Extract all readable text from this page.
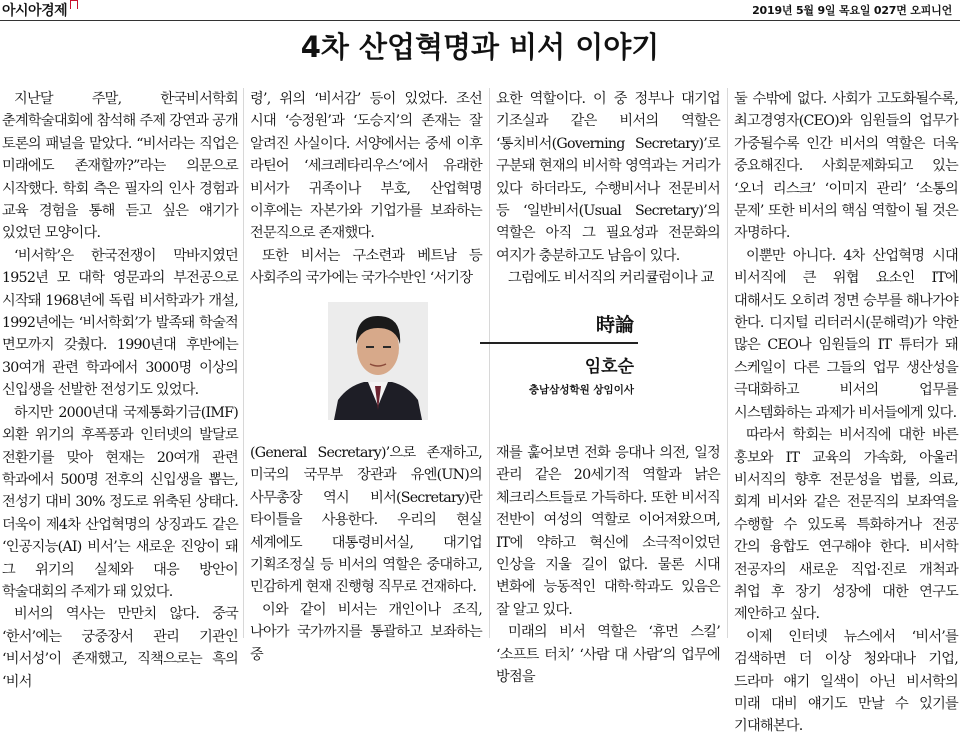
아시아경제	2019년 5월 9일 목요일 027면 오피니언
4차 산업혁명과 비서 이야기

지난달 주말, 한국비서학회 춘계학술대회에 참석해 주제 강연과 공개 토론의 패널을 맡았다. “비서라는 직업은 미래에도 존재할까?”라는 의문으로 시작했다. 학회 측은 필자의 인사 경험과 교육 경험을 통해 듣고 싶은 얘기가 있었던 모양이다.

‘비서학’은 한국전쟁이 막바지였던 1952년 모 대학 영문과의 부전공으로 시작돼 1968년에 독립 비서학과가 개설, 1992년에는 ‘비서학회’가 발족돼 학술적 면모까지 갖췄다. 1990년대 후반에는 30여개 관련 학과에서 3000명 이상의 신입생을 선발한 전성기도 있었다.

하지만 2000년대 국제통화기금(IMF) 외환 위기의 후폭풍과 인터넷의 발달로 전환기를 맞아 현재는 20여개 관련 학과에서 500명 전후의 신입생을 뽑는, 전성기 대비 30% 정도로 위축된 상태다. 더욱이 제4차 산업혁명의 상징과도 같은 ‘인공지능(AI) 비서’는 새로운 진앙이 돼 그 위기의 실체와 대응 방안이 학술대회의 주제가 돼 있었다.

비서의 역사는 만만치 않다. 중국 ‘한서’에는 궁중장서 관리 기관인 ‘비서성’이 존재했고, 직책으로는 흑의 ‘비서

령’, 위의 ‘비서감’ 등이 있었다. 조선 시대 ‘승정원’과 ‘도승지’의 존재는 잘 알려진 사실이다. 서양에서는 중세 이후 라틴어 ‘세크레타리우스’에서 유래한 비서가 귀족이나 부호, 산업혁명 이후에는 자본가와 기업가를 보좌하는 전문직으로 존재했다.

또한 비서는 구소련과 베트남 등 사회주의 국가에는 국가수반인 ‘서기장

요한 역할이다. 이 중 정부나 대기업 기조실과 같은 비서의 역할은 ‘통치비서(Governing Secretary)’로 구분돼 현재의 비서학 영역과는 거리가 있다 하더라도, 수행비서나 전문비서 등 ‘일반비서(Usual Secretary)’의 역할은 아직 그 필요성과 전문화의 여지가 충분하고도 남음이 있다.

그럼에도 비서직의 커리큘럼이나 교

時論
임호순
충남삼성학원 상임이사

(General Secretary)’으로 존재하고, 미국의 국무부 장관과 유엔(UN)의 사무총장 역시 비서(Secretary)란 타이틀을 사용한다. 우리의 현실 세계에도 대통령비서실, 대기업 기획조정실 등 비서의 역할은 중대하고, 민감하게 현재 진행형 직무로 건재하다.

이와 같이 비서는 개인이나 조직, 나아가 국가까지를 통괄하고 보좌하는 중

재를 훑어보면 전화 응대나 의전, 일정 관리 같은 20세기적 역할과 낡은 체크리스트들로 가득하다. 또한 비서직 전반이 여성의 역할로 이어져왔으며, IT에 약하고 혁신에 소극적이었던 인상을 지울 길이 없다. 물론 시대 변화에 능동적인 대학·학과도 있음은 잘 알고 있다.

미래의 비서 역할은 ‘휴먼 스킬’ ‘소프트 터치’ ‘사람 대 사람’의 업무에 방점을

둘 수밖에 없다. 사회가 고도화될수록, 최고경영자(CEO)와 임원들의 업무가 가중될수록 인간 비서의 역할은 더욱 중요해진다. 사회문제화되고 있는 ‘오너 리스크’ ‘이미지 관리’ ‘소통의 문제’ 또한 비서의 핵심 역할이 될 것은 자명하다.

이뿐만 아니다. 4차 산업혁명 시대 비서직에 큰 위협 요소인 IT에 대해서도 오히려 정면 승부를 해나가야 한다. 디지털 리터러시(문해력)가 약한 많은 CEO나 임원들의 IT 튜터가 돼 스케일이 다른 그들의 업무 생산성을 극대화하고 비서의 업무를 시스템화하는 과제가 비서들에게 있다.

따라서 학회는 비서직에 대한 바른 홍보와 IT 교육의 가속화, 아울러 비서직의 향후 전문성을 법률, 의료, 회계 비서와 같은 전문직의 보좌역을 수행할 수 있도록 특화하거나 전공 간의 융합도 연구해야 한다. 비서학 전공자의 새로운 직업·진로 개척과 취업 후 장기 성장에 대한 연구도 제안하고 싶다.

이제 인터넷 뉴스에서 ‘비서’를 검색하면 더 이상 청와대나 기업, 드라마 얘기 일색이 아닌 비서학의 미래 대비 얘기도 만날 수 있기를 기대해본다.
